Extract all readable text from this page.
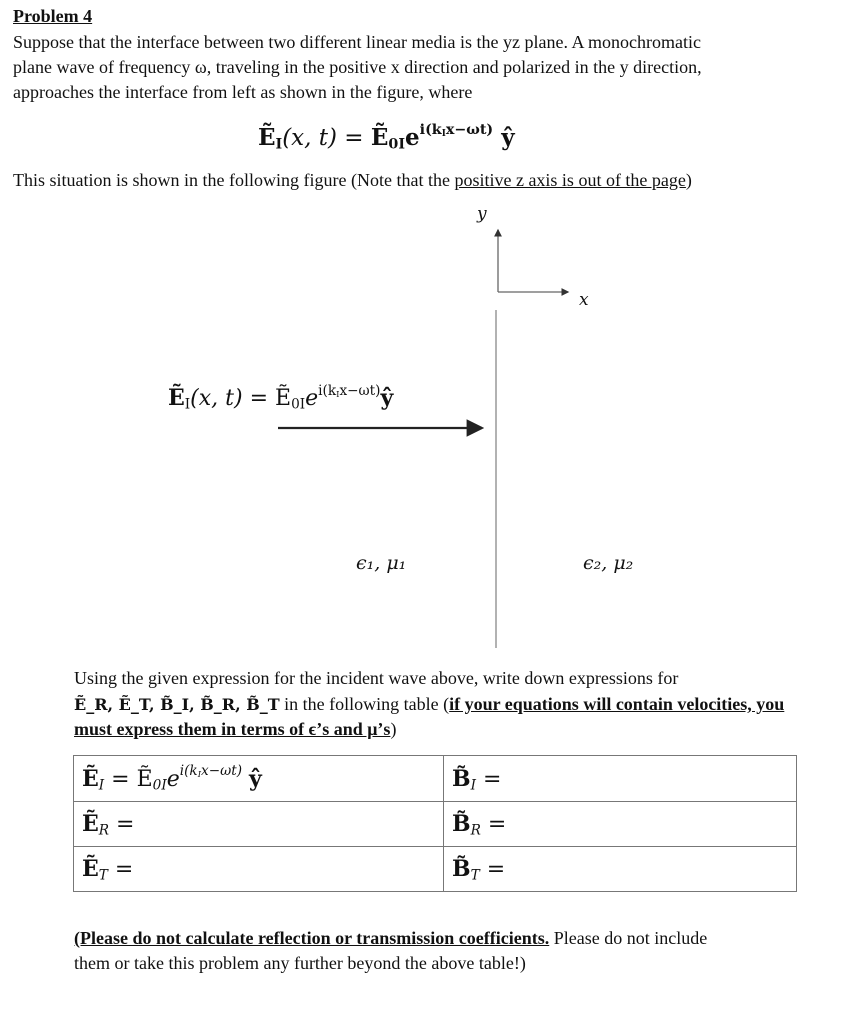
Problem 4
Suppose that the interface between two different linear media is the yz plane. A monochromatic
plane wave of frequency ω, traveling in the positive x direction and polarized in the y direction,
approaches the interface from left as shown in the figure, where
$Ẽ_I(x$, $t) = Ẽ_{0I}e^{i(k_Ix-\omega t)}$ ŷ
This situation is shown in the following figure (Note that the positive z axis is out of the page)
y
x
$Ẽ_I(x$, $t) = Ẽ_{0I}e^{i(k_Ix-\omega t)}ŷ$
ϵ₁, μ₁	ϵ₂, μ₂
Using the given expression for the incident wave above, write down expressions for
Ẽ_R, Ẽ_T, B̃_I, B̃_R, B̃_T in the following table (if your equations will contain velocities, you
must express them in terms of ϵ’s and μ’s)
$Ẽ_I$ = $Ẽ_{0I}e^{i(k_Ix-\omega t)}$ ŷ	$B̃_I$ =
$Ẽ_R$ =	$B̃_R$ =
$Ẽ_T$ =	$B̃_T$ =
(Please do not calculate reflection or transmission coefficients. Please do not include
them or take this problem any further beyond the above table!)
